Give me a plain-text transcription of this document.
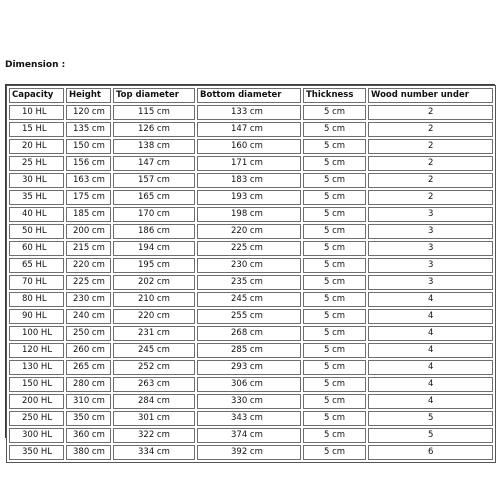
Dimension :

Capacity	Height	Top diameter	Bottom diameter	Thickness	Wood number under
10 HL	120 cm	115 cm	133 cm	5 cm	2
15 HL	135 cm	126 cm	147 cm	5 cm	2
20 HL	150 cm	138 cm	160 cm	5 cm	2
25 HL	156 cm	147 cm	171 cm	5 cm	2
30 HL	163 cm	157 cm	183 cm	5 cm	2
35 HL	175 cm	165 cm	193 cm	5 cm	2
40 HL	185 cm	170 cm	198 cm	5 cm	3
50 HL	200 cm	186 cm	220 cm	5 cm	3
60 HL	215 cm	194 cm	225 cm	5 cm	3
65 HL	220 cm	195 cm	230 cm	5 cm	3
70 HL	225 cm	202 cm	235 cm	5 cm	3
80 HL	230 cm	210 cm	245 cm	5 cm	4
90 HL	240 cm	220 cm	255 cm	5 cm	4
100 HL	250 cm	231 cm	268 cm	5 cm	4
120 HL	260 cm	245 cm	285 cm	5 cm	4
130 HL	265 cm	252 cm	293 cm	5 cm	4
150 HL	280 cm	263 cm	306 cm	5 cm	4
200 HL	310 cm	284 cm	330 cm	5 cm	4
250 HL	350 cm	301 cm	343 cm	5 cm	5
300 HL	360 cm	322 cm	374 cm	5 cm	5
350 HL	380 cm	334 cm	392 cm	5 cm	6
